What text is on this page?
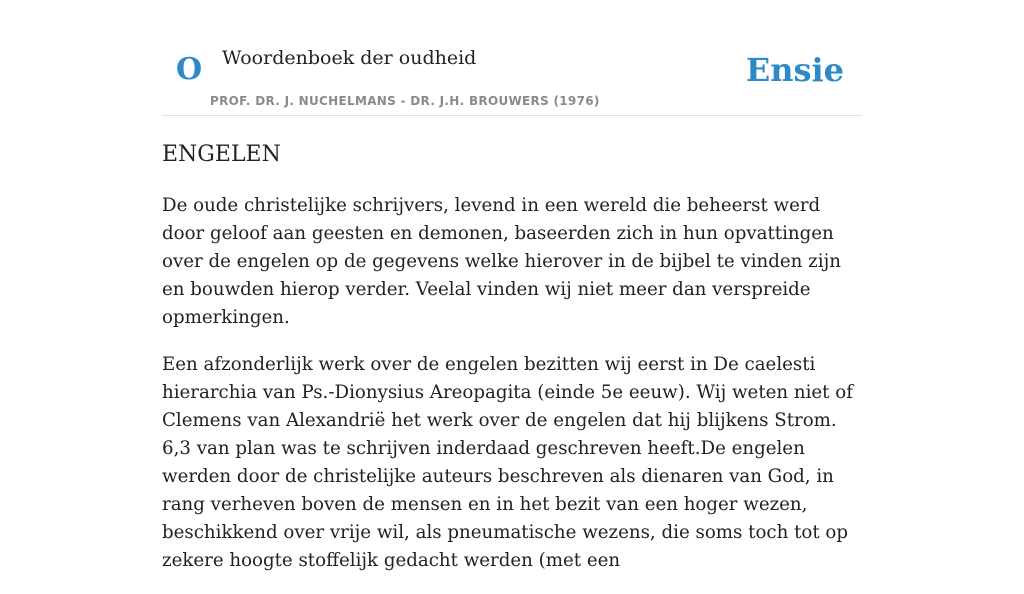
O Woordenboek der oudheid
PROF. DR. J. NUCHELMANS - DR. J.H. BROUWERS (1976)
Ensie
ENGELEN

De oude christelijke schrijvers, levend in een wereld die beheerst werd door geloof aan geesten en demonen, baseerden zich in hun opvattingen over de engelen op de gegevens welke hierover in de bijbel te vinden zijn en bouwden hierop verder. Veelal vinden wij niet meer dan verspreide opmerkingen.

Een afzonderlijk werk over de engelen bezitten wij eerst in De caelesti hierarchia van Ps.-Dionysius Areopagita (einde 5e eeuw). Wij weten niet of Clemens van Alexandrië het werk over de engelen dat hij blijkens Strom. 6,3 van plan was te schrijven inderdaad geschreven heeft.De engelen werden door de christelijke auteurs beschreven als dienaren van God, in rang verheven boven de mensen en in het bezit van een hoger wezen, beschikkend over vrije wil, als pneumatische wezens, die soms toch tot op zekere hoogte stoffelijk gedacht werden (met een
